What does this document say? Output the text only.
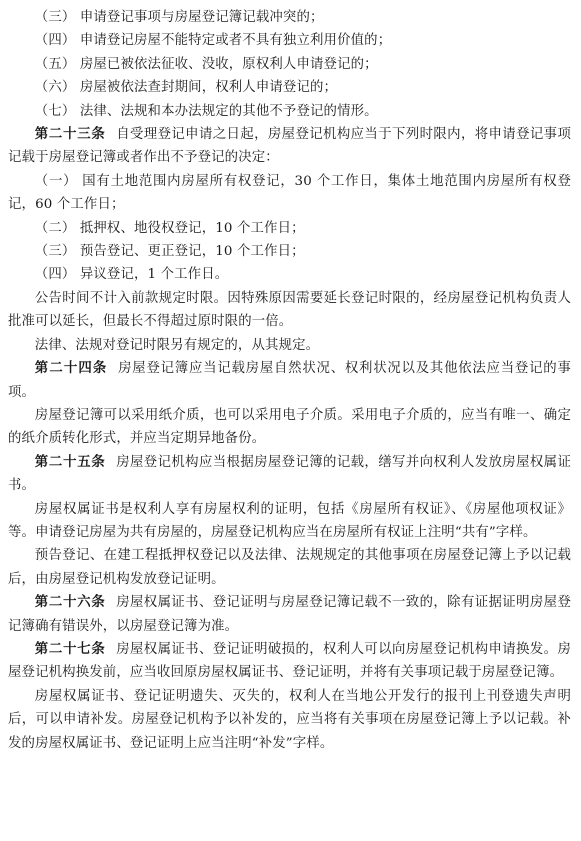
（三） 申请登记事项与房屋登记簿记载冲突的；

（四） 申请登记房屋不能特定或者不具有独立利用价值的；

（五） 房屋已被依法征收、没收，原权利人申请登记的；

（六） 房屋被依法查封期间，权利人申请登记的；

（七） 法律、法规和本办法规定的其他不予登记的情形。

第二十三条 自受理登记申请之日起，房屋登记机构应当于下列时限内，将申请登记事项记载于房屋登记簿或者作出不予登记的决定：

（一） 国有土地范围内房屋所有权登记，30 个工作日，集体土地范围内房屋所有权登记，60 个工作日；

（二） 抵押权、地役权登记，10 个工作日；

（三） 预告登记、更正登记，10 个工作日；

（四） 异议登记，1 个工作日。

公告时间不计入前款规定时限。因特殊原因需要延长登记时限的，经房屋登记机构负责人批准可以延长，但最长不得超过原时限的一倍。

法律、法规对登记时限另有规定的，从其规定。

第二十四条 房屋登记簿应当记载房屋自然状况、权利状况以及其他依法应当登记的事项。

房屋登记簿可以采用纸介质，也可以采用电子介质。采用电子介质的，应当有唯一、确定的纸介质转化形式，并应当定期异地备份。

第二十五条 房屋登记机构应当根据房屋登记簿的记载，缮写并向权利人发放房屋权属证书。

房屋权属证书是权利人享有房屋权利的证明，包括《房屋所有权证》、《房屋他项权证》等。申请登记房屋为共有房屋的，房屋登记机构应当在房屋所有权证上注明“共有”字样。

预告登记、在建工程抵押权登记以及法律、法规规定的其他事项在房屋登记簿上予以记载后，由房屋登记机构发放登记证明。

第二十六条 房屋权属证书、登记证明与房屋登记簿记载不一致的，除有证据证明房屋登记簿确有错误外，以房屋登记簿为准。

第二十七条 房屋权属证书、登记证明破损的，权利人可以向房屋登记机构申请换发。房屋登记机构换发前，应当收回原房屋权属证书、登记证明，并将有关事项记载于房屋登记簿。

房屋权属证书、登记证明遗失、灭失的，权利人在当地公开发行的报刊上刊登遗失声明后，可以申请补发。房屋登记机构予以补发的，应当将有关事项在房屋登记簿上予以记载。补发的房屋权属证书、登记证明上应当注明“补发”字样。
